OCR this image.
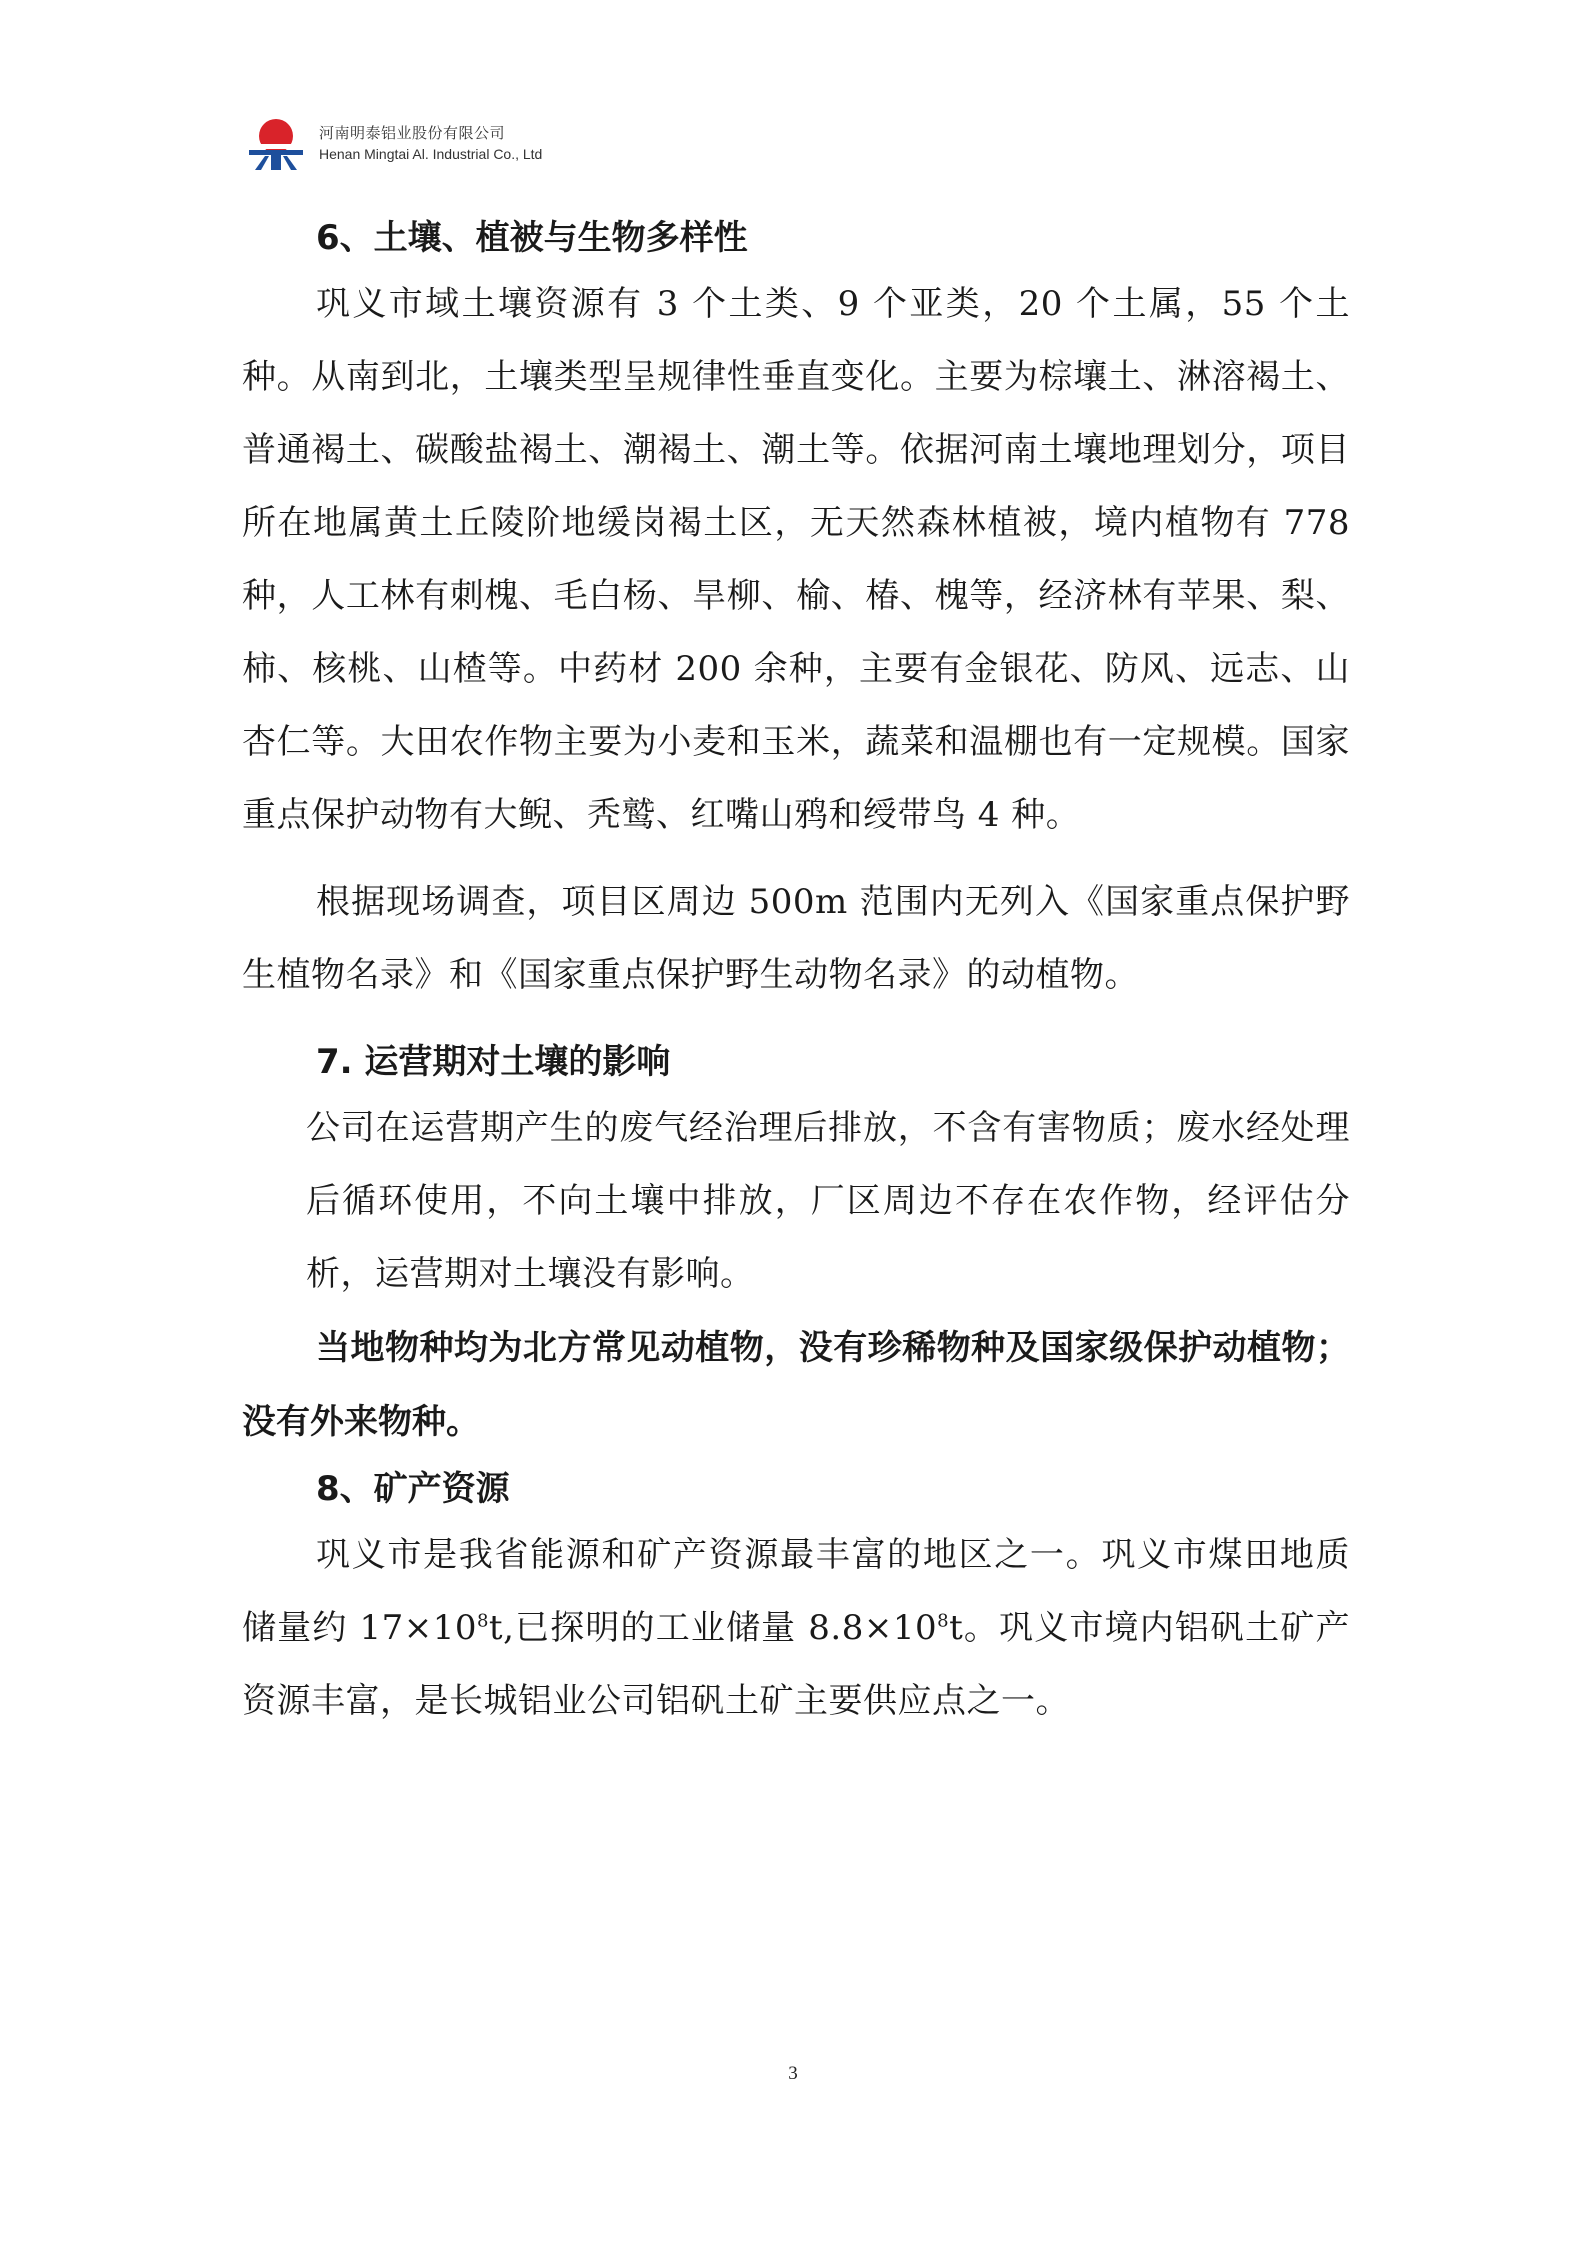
河南明泰铝业股份有限公司
Henan Mingtai Al. Industrial Co., Ltd

6、土壤、植被与生物多样性

巩义市域土壤资源有 3 个土类、9 个亚类，20 个土属，55 个土种。从南到北，土壤类型呈规律性垂直变化。主要为棕壤土、淋溶褐土、普通褐土、碳酸盐褐土、潮褐土、潮土等。依据河南土壤地理划分，项目所在地属黄土丘陵阶地缓岗褐土区，无天然森林植被，境内植物有 778 种，人工林有刺槐、毛白杨、旱柳、榆、椿、槐等，经济林有苹果、梨、柿、核桃、山楂等。中药材 200 余种，主要有金银花、防风、远志、山杏仁等。大田农作物主要为小麦和玉米，蔬菜和温棚也有一定规模。国家重点保护动物有大鲵、秃鹫、红嘴山鸦和绶带鸟 4 种。

根据现场调查，项目区周边 500m 范围内无列入《国家重点保护野生植物名录》和《国家重点保护野生动物名录》的动植物。

7. 运营期对土壤的影响

公司在运营期产生的废气经治理后排放，不含有害物质；废水经处理后循环使用，不向土壤中排放，厂区周边不存在农作物，经评估分析，运营期对土壤没有影响。

当地物种均为北方常见动植物，没有珍稀物种及国家级保护动植物；没有外来物种。

8、矿产资源

巩义市是我省能源和矿产资源最丰富的地区之一。巩义市煤田地质储量约 $17\times 10^8t$,已探明的工业储量 $8.8\times 10^8t$。巩义市境内铝矾土矿产资源丰富，是长城铝业公司铝矾土矿主要供应点之一。

3
